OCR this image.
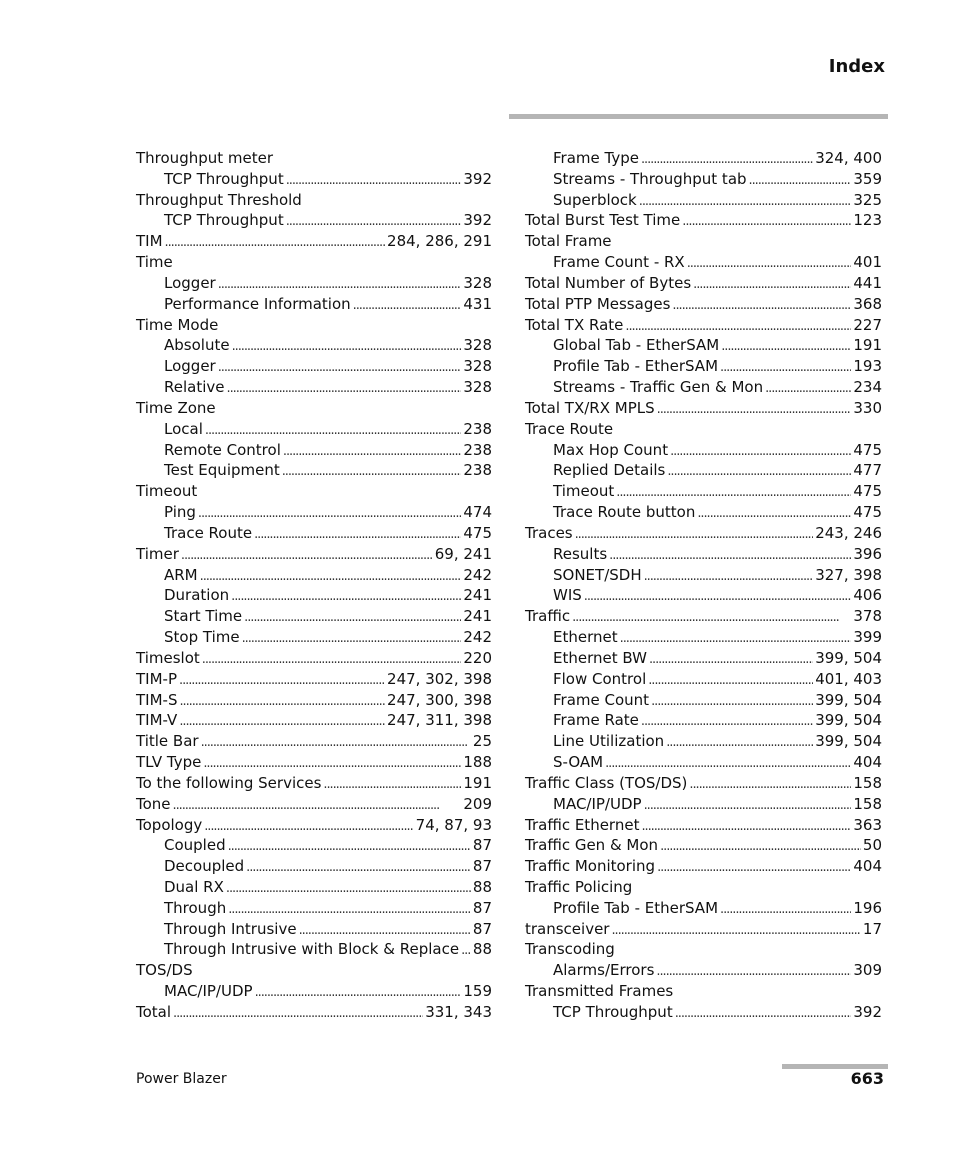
Index
Throughput meter
TCP Throughput . . .	392
Throughput Threshold
TCP Throughput . . .	392
TIM . . .	284, 286, 291
Time
Logger . . .	328
Performance Information . . .	431
Time Mode
Absolute . . .	328
Logger . . .	328
Relative . . .	328
Time Zone
Local . . .	238
Remote Control . . .	238
Test Equipment . . .	238
Timeout
Ping . . .	474
Trace Route . . .	475
Timer . . .	69, 241
ARM . . .	242
Duration . . .	241
Start Time . . .	241
Stop Time . . .	242
Timeslot . . .	220
TIM-P . . .	247, 302, 398
TIM-S . . .	247, 300, 398
TIM-V . . .	247, 311, 398
Title Bar . . .	25
TLV Type . . .	188
To the following Services . . .	191
Tone . . .	209
Topology . . .	74, 87, 93
Coupled . . .	87
Decoupled . . .	87
Dual RX . . .	88
Through . . .	87
Through Intrusive . . .	87
Through Intrusive with Block & Replace . . . 88
TOS/DS
MAC/IP/UDP . . .	159
Total . . .	331, 343
Frame Type . . .	324, 400
Streams - Throughput tab . . .	359
Superblock . . .	325
Total Burst Test Time . . .	123
Total Frame
Frame Count - RX . . .	401
Total Number of Bytes . . .	441
Total PTP Messages . . .	368
Total TX Rate . . .	227
Global Tab - EtherSAM . . .	191
Profile Tab - EtherSAM . . .	193
Streams - Traffic Gen & Mon . . .	234
Total TX/RX MPLS . . .	330
Trace Route
Max Hop Count . . .	475
Replied Details . . .	477
Timeout . . .	475
Trace Route button . . .	475
Traces . . .	243, 246
Results . . .	396
SONET/SDH . . .	327, 398
WIS . . .	406
Traffic . . .	378
Ethernet . . .	399
Ethernet BW . . .	399, 504
Flow Control . . .	401, 403
Frame Count . . .	399, 504
Frame Rate . . .	399, 504
Line Utilization . . .	399, 504
S-OAM . . .	404
Traffic Class (TOS/DS) . . .	158
MAC/IP/UDP . . .	158
Traffic Ethernet . . .	363
Traffic Gen & Mon . . .	50
Traffic Monitoring . . .	404
Traffic Policing
Profile Tab - EtherSAM . . .	196
transceiver . . .	17
Transcoding
Alarms/Errors . . .	309
Transmitted Frames
TCP Throughput . . .	392
Power Blazer	663
